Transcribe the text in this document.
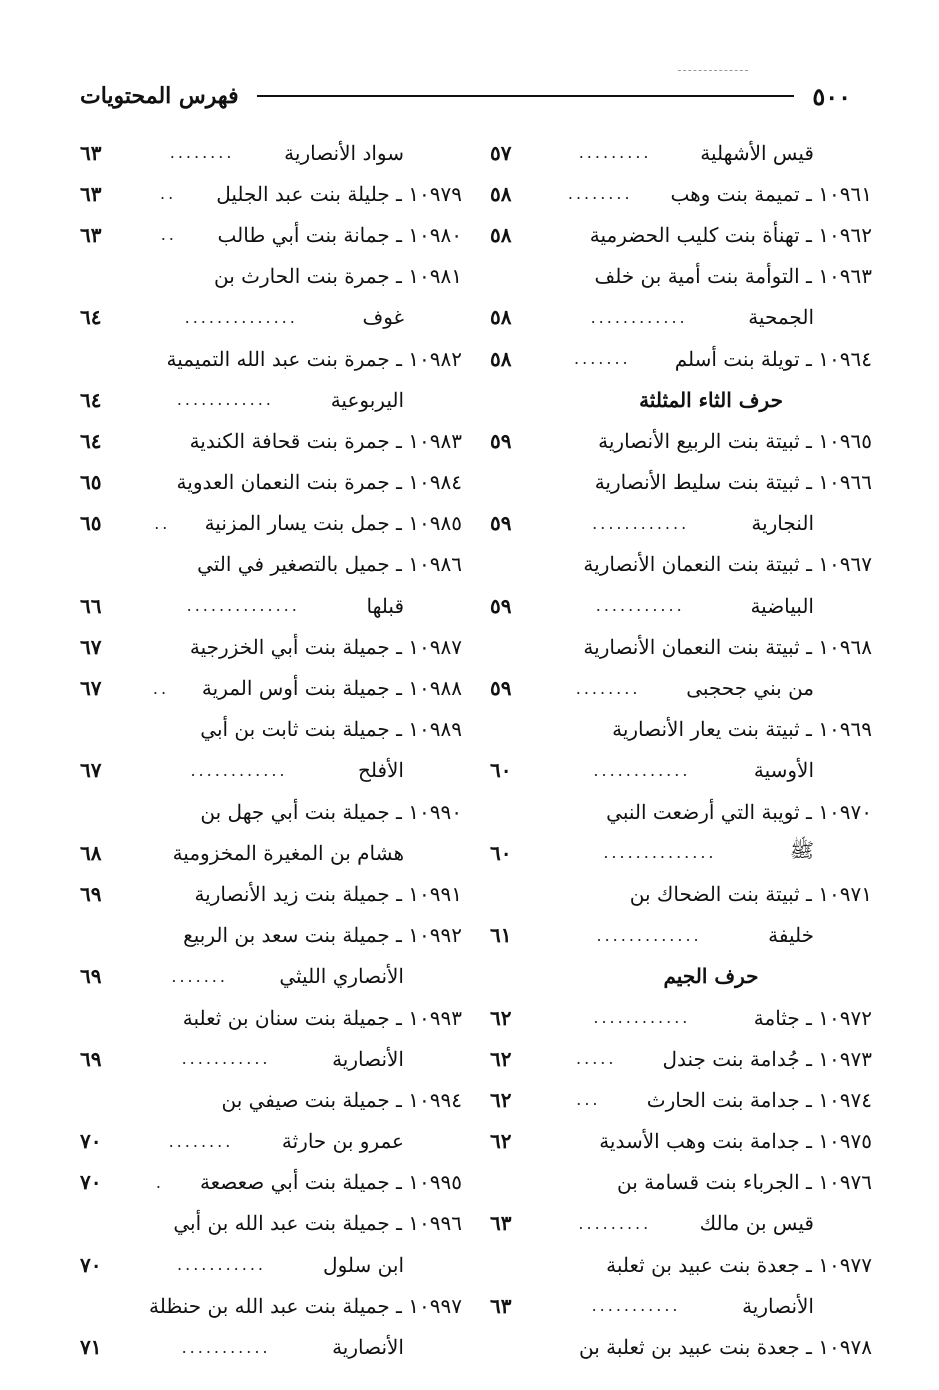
٥٠٠
فهرس المحتويات
قيس الأشهلية
.........
٥٧
١٠٩٦١ ـ تميمة بنت وهب
........
٥٨
١٠٩٦٢ ـ تهنأة بنت كليب الحضرمية
٥٨
١٠٩٦٣ ـ التوأمة بنت أمية بن خلف
الجمحية
............
٥٨
١٠٩٦٤ ـ تويلة بنت أسلم
.......
٥٨
حرف الثاء المثلثة
١٠٩٦٥ ـ ثبيتة بنت الربيع الأنصارية
٥٩
١٠٩٦٦ ـ ثبيتة بنت سليط الأنصارية
النجارية
............
٥٩
١٠٩٦٧ ـ ثبيتة بنت النعمان الأنصارية
البياضية
...........
٥٩
١٠٩٦٨ ـ ثبيتة بنت النعمان الأنصارية
من بني جحجبى
........
٥٩
١٠٩٦٩ ـ ثبيتة بنت يعار الأنصارية
الأوسية
............
٦٠
١٠٩٧٠ ـ ثويبة التي أرضعت النبي
ﷺ
..............
٦٠
١٠٩٧١ ـ ثبيتة بنت الضحاك بن
خليفة
.............
٦١
حرف الجيم
١٠٩٧٢ ـ جثامة
............
٦٢
١٠٩٧٣ ـ جُدامة بنت جندل
.....
٦٢
١٠٩٧٤ ـ جدامة بنت الحارث
...
٦٢
١٠٩٧٥ ـ جدامة بنت وهب الأسدية
٦٢
١٠٩٧٦ ـ الجرباء بنت قسامة بن
قيس بن مالك
.........
٦٣
١٠٩٧٧ ـ جعدة بنت عبيد بن ثعلبة
الأنصارية
...........
٦٣
١٠٩٧٨ ـ جعدة بنت عبيد بن ثعلبة بن
سواد الأنصارية
........
٦٣
١٠٩٧٩ ـ جليلة بنت عبد الجليل
..
٦٣
١٠٩٨٠ ـ جمانة بنت أبي طالب
..
٦٣
١٠٩٨١ ـ جمرة بنت الحارث بن
غوف
..............
٦٤
١٠٩٨٢ ـ جمرة بنت عبد الله التميمية
اليربوعية
............
٦٤
١٠٩٨٣ ـ جمرة بنت قحافة الكندية
٦٤
١٠٩٨٤ ـ جمرة بنت النعمان العدوية
٦٥
١٠٩٨٥ ـ جمل بنت يسار المزنية
..
٦٥
١٠٩٨٦ ـ جميل بالتصغير في التي
قبلها
..............
٦٦
١٠٩٨٧ ـ جميلة بنت أبي الخزرجية
٦٧
١٠٩٨٨ ـ جميلة بنت أوس المرية
..
٦٧
١٠٩٨٩ ـ جميلة بنت ثابت بن أبي
الأفلح
............
٦٧
١٠٩٩٠ ـ جميلة بنت أبي جهل بن
هشام بن المغيرة المخزومية
٦٨
١٠٩٩١ ـ جميلة بنت زيد الأنصارية
٦٩
١٠٩٩٢ ـ جميلة بنت سعد بن الربيع
الأنصاري الليثي
.......
٦٩
١٠٩٩٣ ـ جميلة بنت سنان بن ثعلبة
الأنصارية
...........
٦٩
١٠٩٩٤ ـ جميلة بنت صيفي بن
عمرو بن حارثة
........
٧٠
١٠٩٩٥ ـ جميلة بنت أبي صعصعة
.
٧٠
١٠٩٩٦ ـ جميلة بنت عبد الله بن أبي
ابن سلول
...........
٧٠
١٠٩٩٧ ـ جميلة بنت عبد الله بن حنظلة
الأنصارية
...........
٧١
